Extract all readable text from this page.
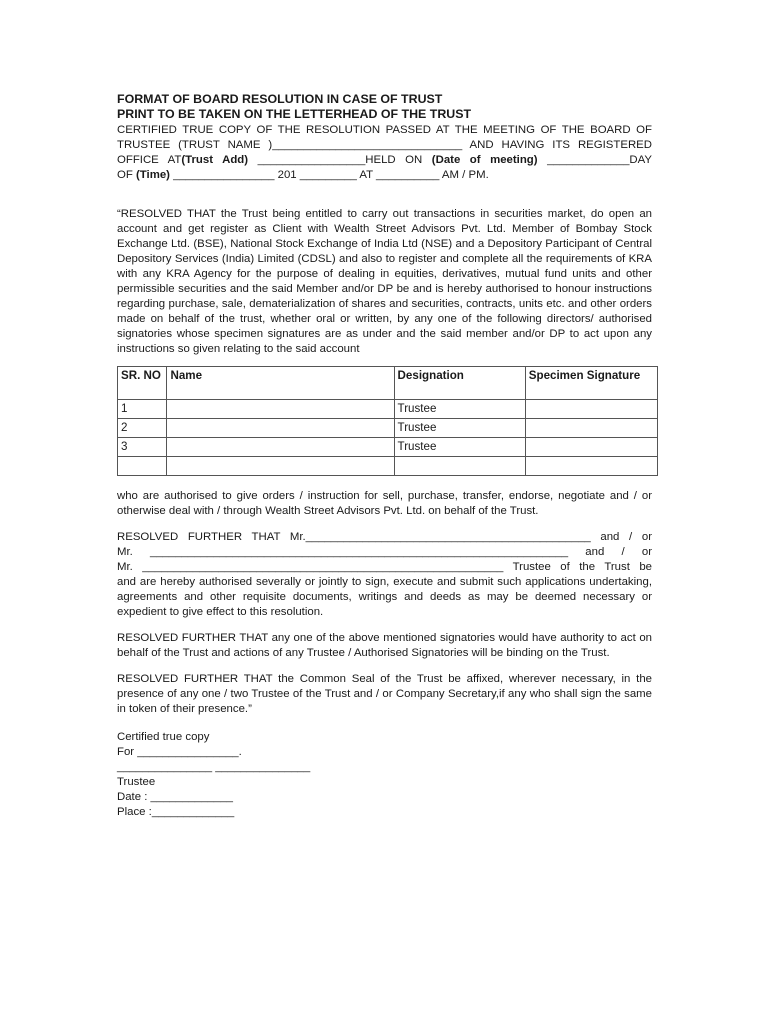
FORMAT OF BOARD RESOLUTION IN CASE OF TRUST

PRINT TO BE TAKEN ON THE LETTERHEAD OF THE TRUST

CERTIFIED TRUE COPY OF THE RESOLUTION PASSED AT THE MEETING OF THE BOARD OF
TRUSTEE (TRUST NAME )______________________________ AND HAVING ITS REGISTERED
OFFICE AT(Trust Add) _________________HELD ON (Date of meeting) _____________DAY
OF (Time) ________________ 201 _________ AT __________ AM / PM.

“RESOLVED THAT the Trust being entitled to carry out transactions in securities market, do open an account and get register as Client with Wealth Street Advisors Pvt. Ltd. Member of Bombay Stock Exchange Ltd. (BSE), National Stock Exchange of India Ltd (NSE) and a Depository Participant of Central Depository Services (India) Limited (CDSL) and also to register and complete all the requirements of KRA with any KRA Agency for the purpose of dealing in equities, derivatives, mutual fund units and other permissible securities and the said Member and/or DP be and is hereby authorised to honour instructions regarding purchase, sale, dematerialization of shares and securities, contracts, units etc. and other orders made on behalf of the trust, whether oral or written, by any one of the following directors/ authorised signatories whose specimen signatures are as under and the said member and/or DP to act upon any instructions so given relating to the said account

SR. NO	Name	Designation	Specimen Signature
1		Trustee	
2		Trustee	
3		Trustee	

who are authorised to give orders / instruction for sell, purchase, transfer, endorse, negotiate and / or otherwise deal with / through Wealth Street Advisors Pvt. Ltd. on behalf of the Trust.

RESOLVED FURTHER THAT Mr._____________________________________________ and / or
Mr. __________________________________________________________________ and / or
Mr. _________________________________________________________ Trustee of the Trust be

and are hereby authorised severally or jointly to sign, execute and submit such applications undertaking, agreements and other requisite documents, writings and deeds as may be deemed necessary or expedient to give effect to this resolution.

RESOLVED FURTHER THAT any one of the above mentioned signatories would have authority to act on behalf of the Trust and actions of any Trustee / Authorised Signatories will be binding on the Trust.

RESOLVED FURTHER THAT the Common Seal of the Trust be affixed, wherever necessary, in the presence of any one / two Trustee of the Trust and / or Company Secretary,if any who shall sign the same in token of their presence.”

Certified true copy
For ________________.
_______________ _______________
Trustee
Date : _____________
Place :_____________
